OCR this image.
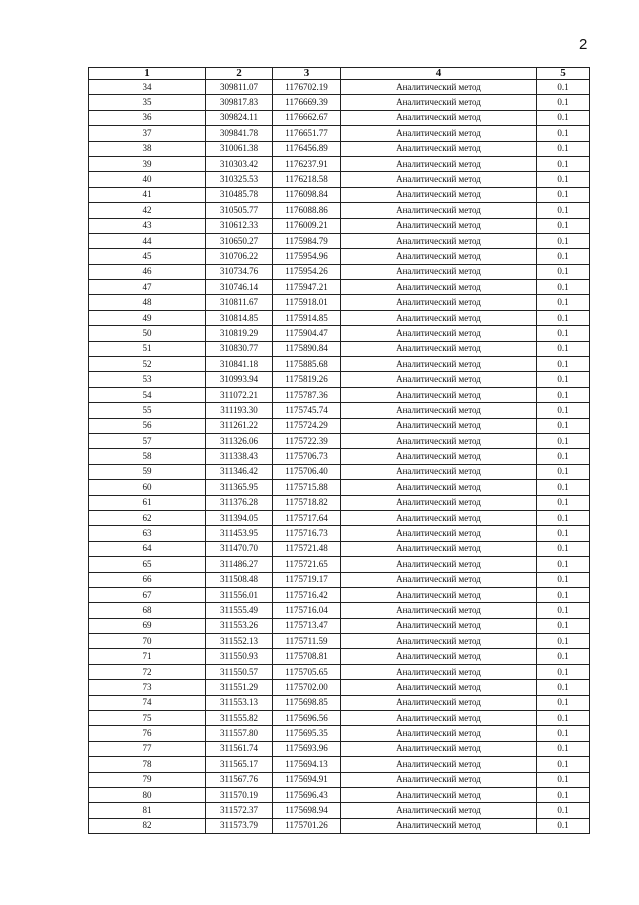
2
1	2	3	4	5
34	309811.07	1176702.19	Аналитический метод	0.1
35	309817.83	1176669.39	Аналитический метод	0.1
36	309824.11	1176662.67	Аналитический метод	0.1
37	309841.78	1176651.77	Аналитический метод	0.1
38	310061.38	1176456.89	Аналитический метод	0.1
39	310303.42	1176237.91	Аналитический метод	0.1
40	310325.53	1176218.58	Аналитический метод	0.1
41	310485.78	1176098.84	Аналитический метод	0.1
42	310505.77	1176088.86	Аналитический метод	0.1
43	310612.33	1176009.21	Аналитический метод	0.1
44	310650.27	1175984.79	Аналитический метод	0.1
45	310706.22	1175954.96	Аналитический метод	0.1
46	310734.76	1175954.26	Аналитический метод	0.1
47	310746.14	1175947.21	Аналитический метод	0.1
48	310811.67	1175918.01	Аналитический метод	0.1
49	310814.85	1175914.85	Аналитический метод	0.1
50	310819.29	1175904.47	Аналитический метод	0.1
51	310830.77	1175890.84	Аналитический метод	0.1
52	310841.18	1175885.68	Аналитический метод	0.1
53	310993.94	1175819.26	Аналитический метод	0.1
54	311072.21	1175787.36	Аналитический метод	0.1
55	311193.30	1175745.74	Аналитический метод	0.1
56	311261.22	1175724.29	Аналитический метод	0.1
57	311326.06	1175722.39	Аналитический метод	0.1
58	311338.43	1175706.73	Аналитический метод	0.1
59	311346.42	1175706.40	Аналитический метод	0.1
60	311365.95	1175715.88	Аналитический метод	0.1
61	311376.28	1175718.82	Аналитический метод	0.1
62	311394.05	1175717.64	Аналитический метод	0.1
63	311453.95	1175716.73	Аналитический метод	0.1
64	311470.70	1175721.48	Аналитический метод	0.1
65	311486.27	1175721.65	Аналитический метод	0.1
66	311508.48	1175719.17	Аналитический метод	0.1
67	311556.01	1175716.42	Аналитический метод	0.1
68	311555.49	1175716.04	Аналитический метод	0.1
69	311553.26	1175713.47	Аналитический метод	0.1
70	311552.13	1175711.59	Аналитический метод	0.1
71	311550.93	1175708.81	Аналитический метод	0.1
72	311550.57	1175705.65	Аналитический метод	0.1
73	311551.29	1175702.00	Аналитический метод	0.1
74	311553.13	1175698.85	Аналитический метод	0.1
75	311555.82	1175696.56	Аналитический метод	0.1
76	311557.80	1175695.35	Аналитический метод	0.1
77	311561.74	1175693.96	Аналитический метод	0.1
78	311565.17	1175694.13	Аналитический метод	0.1
79	311567.76	1175694.91	Аналитический метод	0.1
80	311570.19	1175696.43	Аналитический метод	0.1
81	311572.37	1175698.94	Аналитический метод	0.1
82	311573.79	1175701.26	Аналитический метод	0.1
